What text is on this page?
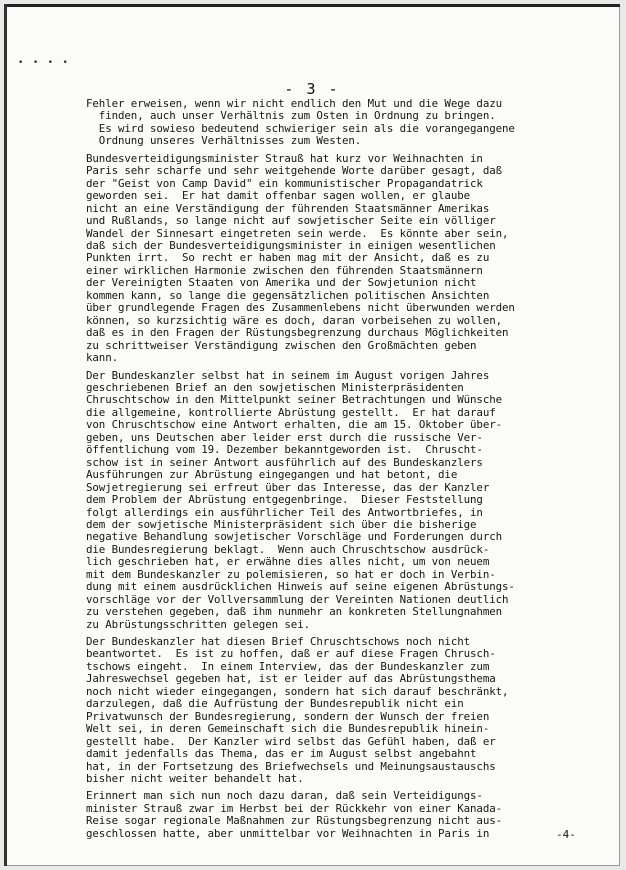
• • • •
- 3 -
Fehler erweisen, wenn wir nicht endlich den Mut und die Wege dazu
finden, auch unser Verhältnis zum Osten in Ordnung zu bringen.
Es wird sowieso bedeutend schwieriger sein als die vorangegangene
Ordnung unseres Verhältnisses zum Westen.
Bundesverteidigungsminister Strauß hat kurz vor Weihnachten in
Paris sehr scharfe und sehr weitgehende Worte darüber gesagt, daß
der "Geist von Camp David" ein kommunistischer Propagandatrick
geworden sei.  Er hat damit offenbar sagen wollen, er glaube
nicht an eine Verständigung der führenden Staatsmänner Amerikas
und Rußlands, so lange nicht auf sowjetischer Seite ein völliger
Wandel der Sinnesart eingetreten sein werde.  Es könnte aber sein,
daß sich der Bundesverteidigungsminister in einigen wesentlichen
Punkten irrt.  So recht er haben mag mit der Ansicht, daß es zu
einer wirklichen Harmonie zwischen den führenden Staatsmännern
der Vereinigten Staaten von Amerika und der Sowjetunion nicht
kommen kann, so lange die gegensätzlichen politischen Ansichten
über grundlegende Fragen des Zusammenlebens nicht überwunden werden
können, so kurzsichtig wäre es doch, daran vorbeisehen zu wollen,
daß es in den Fragen der Rüstungsbegrenzung durchaus Möglichkeiten
zu schrittweiser Verständigung zwischen den Großmächten geben
kann.
Der Bundeskanzler selbst hat in seinem im August vorigen Jahres
geschriebenen Brief an den sowjetischen Ministerpräsidenten
Chruschtschow in den Mittelpunkt seiner Betrachtungen und Wünsche
die allgemeine, kontrollierte Abrüstung gestellt.  Er hat darauf
von Chruschtschow eine Antwort erhalten, die am 15. Oktober über-
geben, uns Deutschen aber leider erst durch die russische Ver-
öffentlichung vom 19. Dezember bekanntgeworden ist.  Chruscht-
schow ist in seiner Antwort ausführlich auf des Bundeskanzlers
Ausführungen zur Abrüstung eingegangen und hat betont, die
Sowjetregierung sei erfreut über das Interesse, das der Kanzler
dem Problem der Abrüstung entgegenbringe.  Dieser Feststellung
folgt allerdings ein ausführlicher Teil des Antwortbriefes, in
dem der sowjetische Ministerpräsident sich über die bisherige
negative Behandlung sowjetischer Vorschläge und Forderungen durch
die Bundesregierung beklagt.  Wenn auch Chruschtschow ausdrück-
lich geschrieben hat, er erwähne dies alles nicht, um von neuem
mit dem Bundeskanzler zu polemisieren, so hat er doch in Verbin-
dung mit einem ausdrücklichen Hinweis auf seine eigenen Abrüstungs-
vorschläge vor der Vollversammlung der Vereinten Nationen deutlich
zu verstehen gegeben, daß ihm nunmehr an konkreten Stellungnahmen
zu Abrüstungsschritten gelegen sei.
Der Bundeskanzler hat diesen Brief Chruschtschows noch nicht
beantwortet.  Es ist zu hoffen, daß er auf diese Fragen Chrusch-
tschows eingeht.  In einem Interview, das der Bundeskanzler zum
Jahreswechsel gegeben hat, ist er leider auf das Abrüstungsthema
noch nicht wieder eingegangen, sondern hat sich darauf beschränkt,
darzulegen, daß die Aufrüstung der Bundesrepublik nicht ein
Privatwunsch der Bundesregierung, sondern der Wunsch der freien
Welt sei, in deren Gemeinschaft sich die Bundesrepublik hinein-
gestellt habe.  Der Kanzler wird selbst das Gefühl haben, daß er
damit jedenfalls das Thema, das er im August selbst angebahnt
hat, in der Fortsetzung des Briefwechsels und Meinungsaustauschs
bisher nicht weiter behandelt hat.
Erinnert man sich nun noch dazu daran, daß sein Verteidigungs-
minister Strauß zwar im Herbst bei der Rückkehr von einer Kanada-
Reise sogar regionale Maßnahmen zur Rüstungsbegrenzung nicht aus-
geschlossen hatte, aber unmittelbar vor Weihnachten in Paris in	-4-
